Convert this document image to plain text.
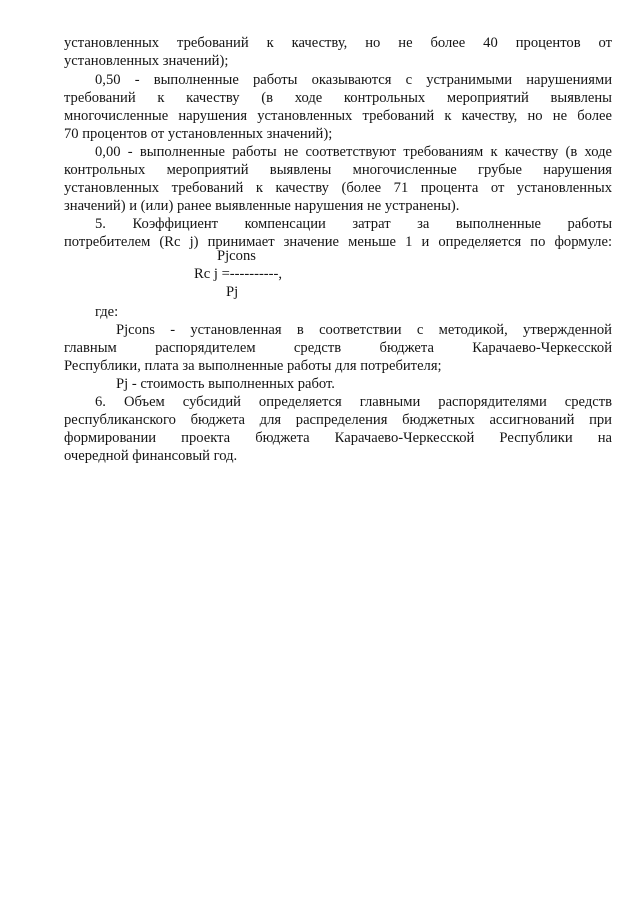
установленных требований к качеству, но не более 40 процентов от
установленных значений);
0,50 - выполненные работы оказываются с устранимыми нарушениями
требований к качеству (в ходе контрольных мероприятий выявлены
многочисленные нарушения установленных требований к качеству, но не более
70 процентов от установленных значений);
0,00 - выполненные работы не соответствуют требованиям к качеству (в ходе
контрольных мероприятий выявлены многочисленные грубые нарушения
установленных требований к качеству (более 71 процента от установленных
значений) и (или) ранее выявленные нарушения не устранены).
5. Коэффициент компенсации затрат за выполненные работы
потребителем (Rc j) принимает значение меньше 1 и определяется по формуле:
Pjcons
Rc j =----------,
Pj
где:
Pjcons - установленная в соответствии с методикой, утвержденной
главным распорядителем средств бюджета Карачаево-Черкесской
Республики, плата за выполненные работы для потребителя;
Pj - стоимость выполненных работ.
6. Объем субсидий определяется главными распорядителями средств
республиканского бюджета для распределения бюджетных ассигнований при
формировании проекта бюджета Карачаево-Черкесской Республики на
очередной финансовый год.
